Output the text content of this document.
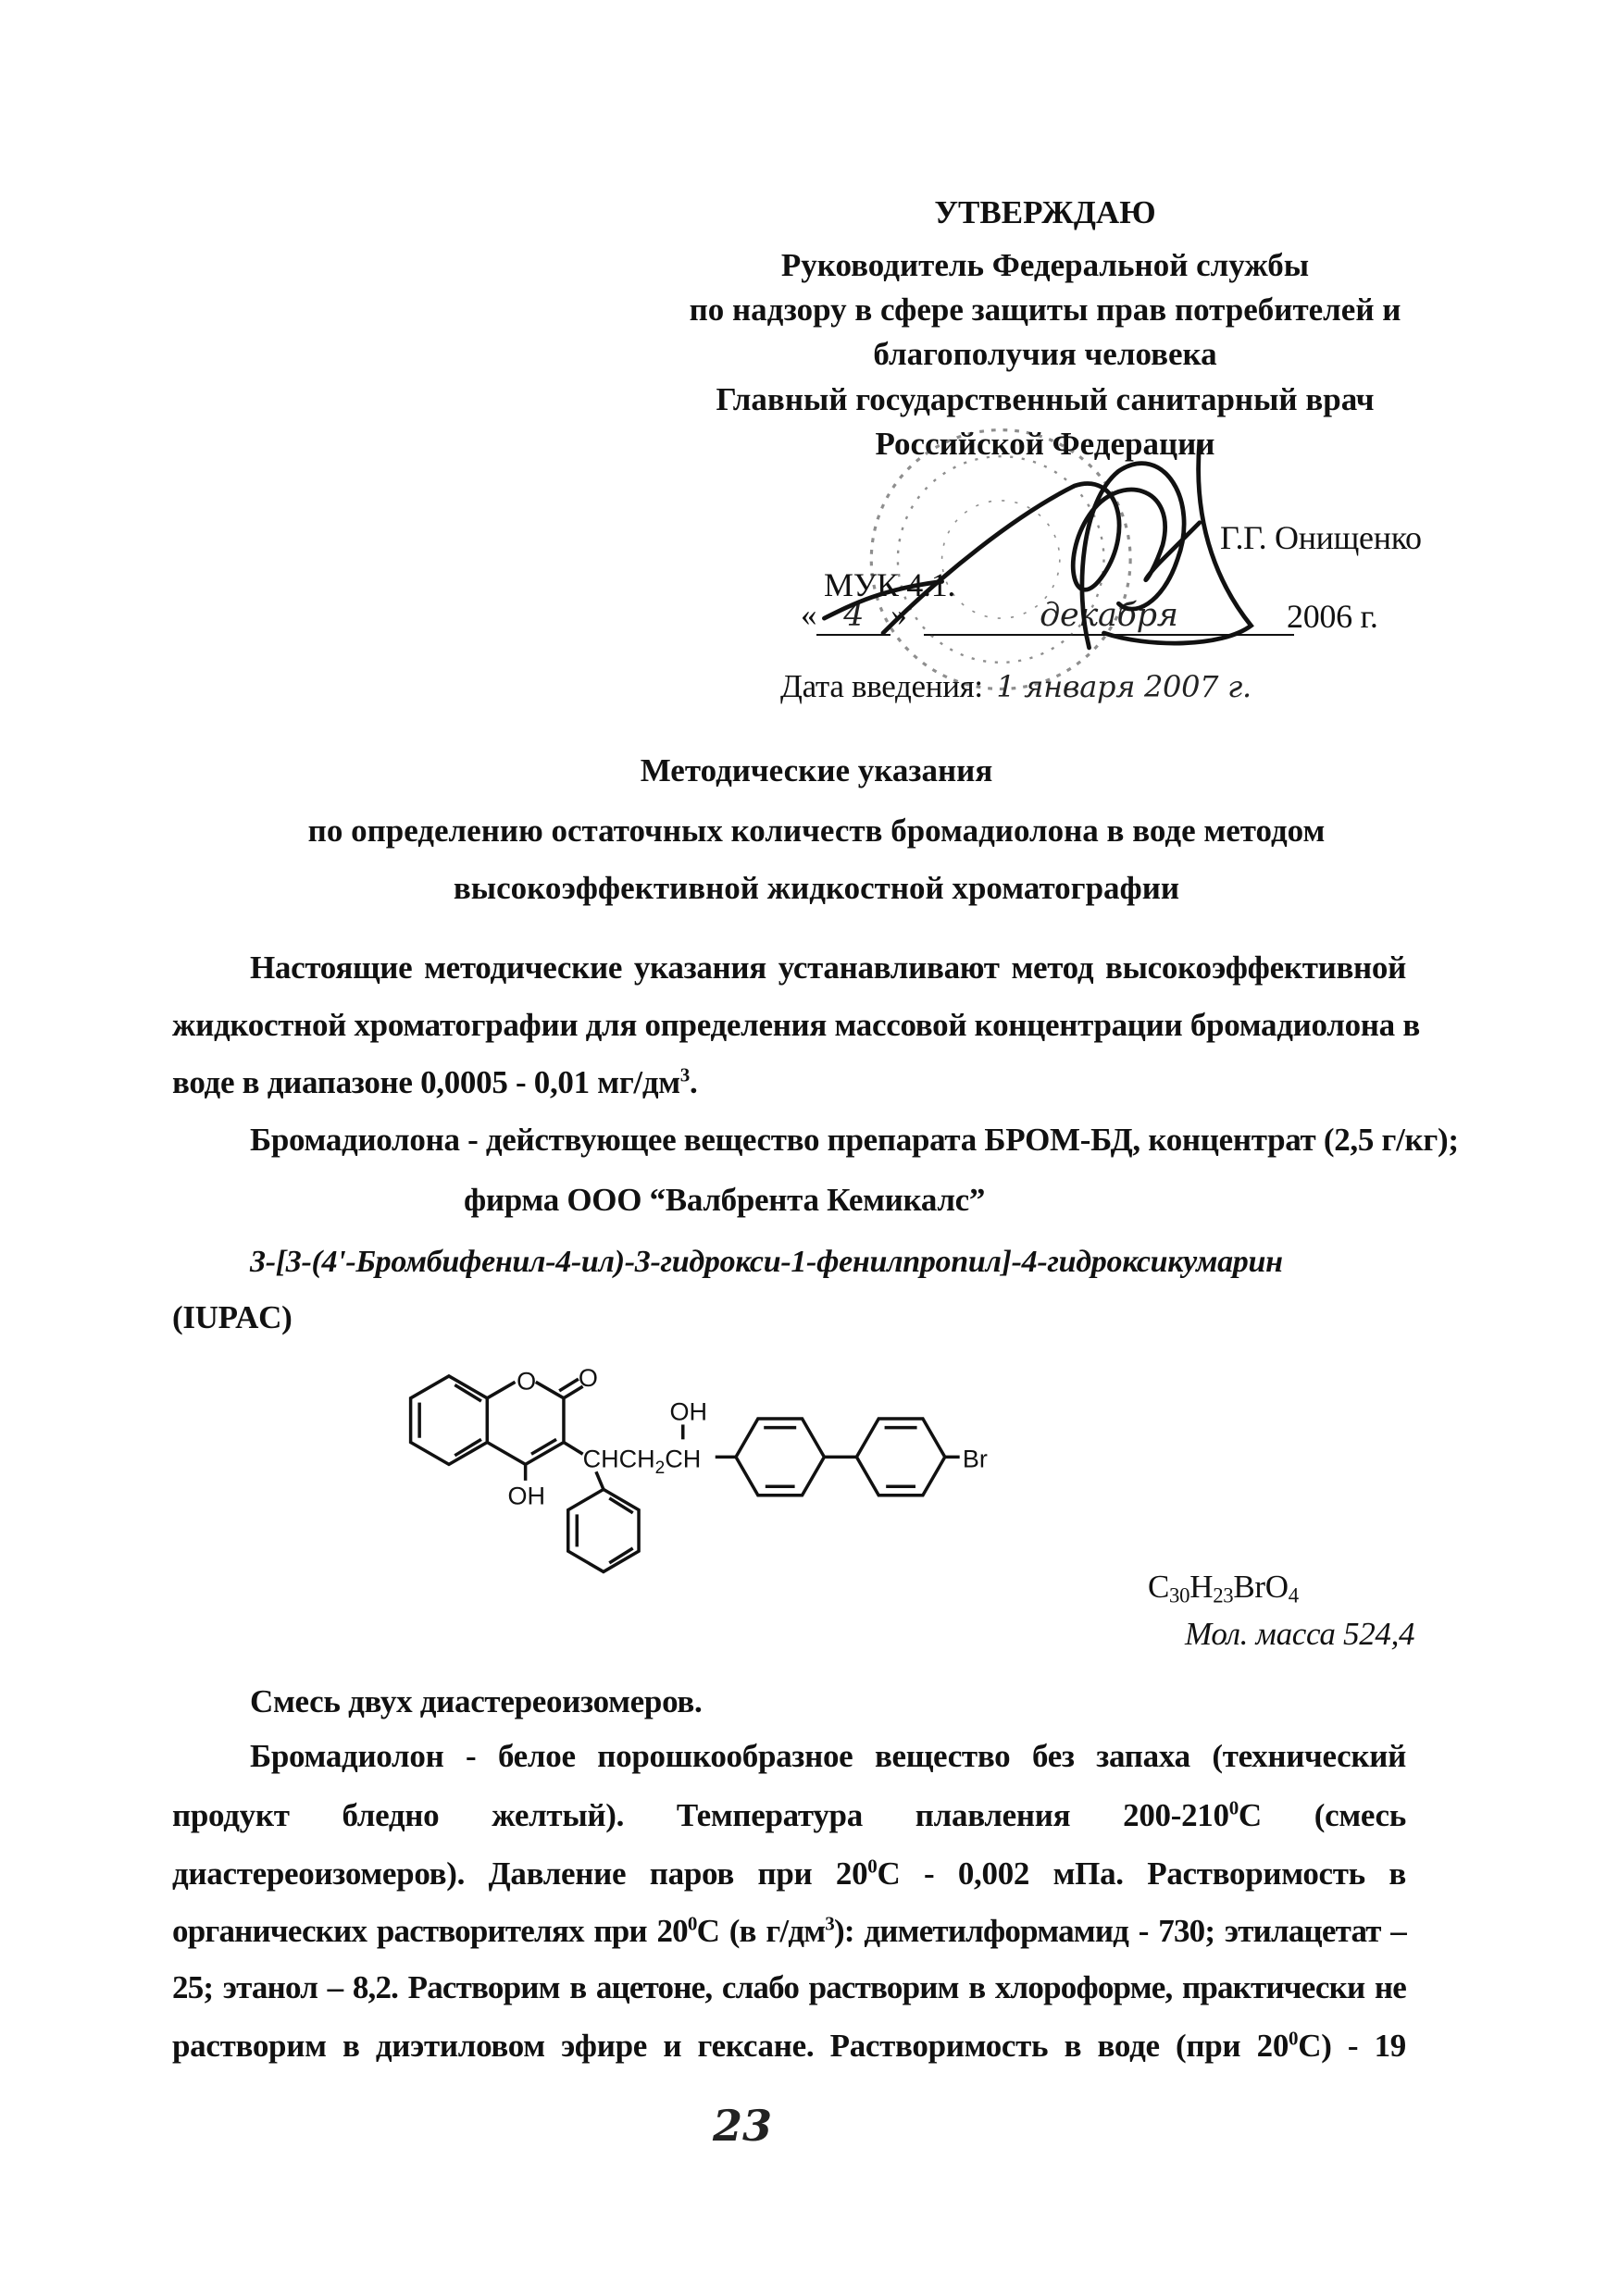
УТВЕРЖДАЮ
Руководитель Федеральной службы
по надзору в сфере защиты прав потребителей и
благополучия человека
Главный государственный санитарный врач
Российской Федерации
Г.Г. Онищенко
МУК 4.1.
« 4 »	декабря	2006 г.
Дата введения: 1 января 2007 г.
Методические указания
по определению остаточных количеств бромадиолона в воде методом
высокоэффективной жидкостной хроматографии
Настоящие методические указания устанавливают метод высокоэффективной
жидкостной хроматографии для определения массовой концентрации бромадиолона в
воде в диапазоне 0,0005 - 0,01 $мг/дм^3$.
Бромадиолона - действующее вещество препарата БРОМ-БД, концентрат (2,5 г/кг);
фирма ООО “Валбрента Кемикалс”
3-[3-(4'-Бромбифенил-4-ил)-3-гидрокси-1-фенилпропил]-4-гидроксикумарин
(IUPAC)
C30H23BrO4
Мол. масса 524,4
Смесь двух диастереоизомеров.
Бромадиолон - белое порошкообразное вещество без запаха (технический
продукт бледно желтый). Температура плавления $200-210^0С$ (смесь
диастереоизомеров). Давление паров при $20^0С - 0,002$ мПа. Растворимость в
органических растворителях при $20^0С$ (в $г/дм^3$): диметилформамид - 730; этилацетат –
25; этанол – 8,2. Растворим в ацетоне, слабо растворим в хлороформе, практически не
растворим в диэтиловом эфире и гексане. Растворимость в воде (при $20^0С) - 19$
23
O	O
OH
OH
$CHCH_2CH$	Br
